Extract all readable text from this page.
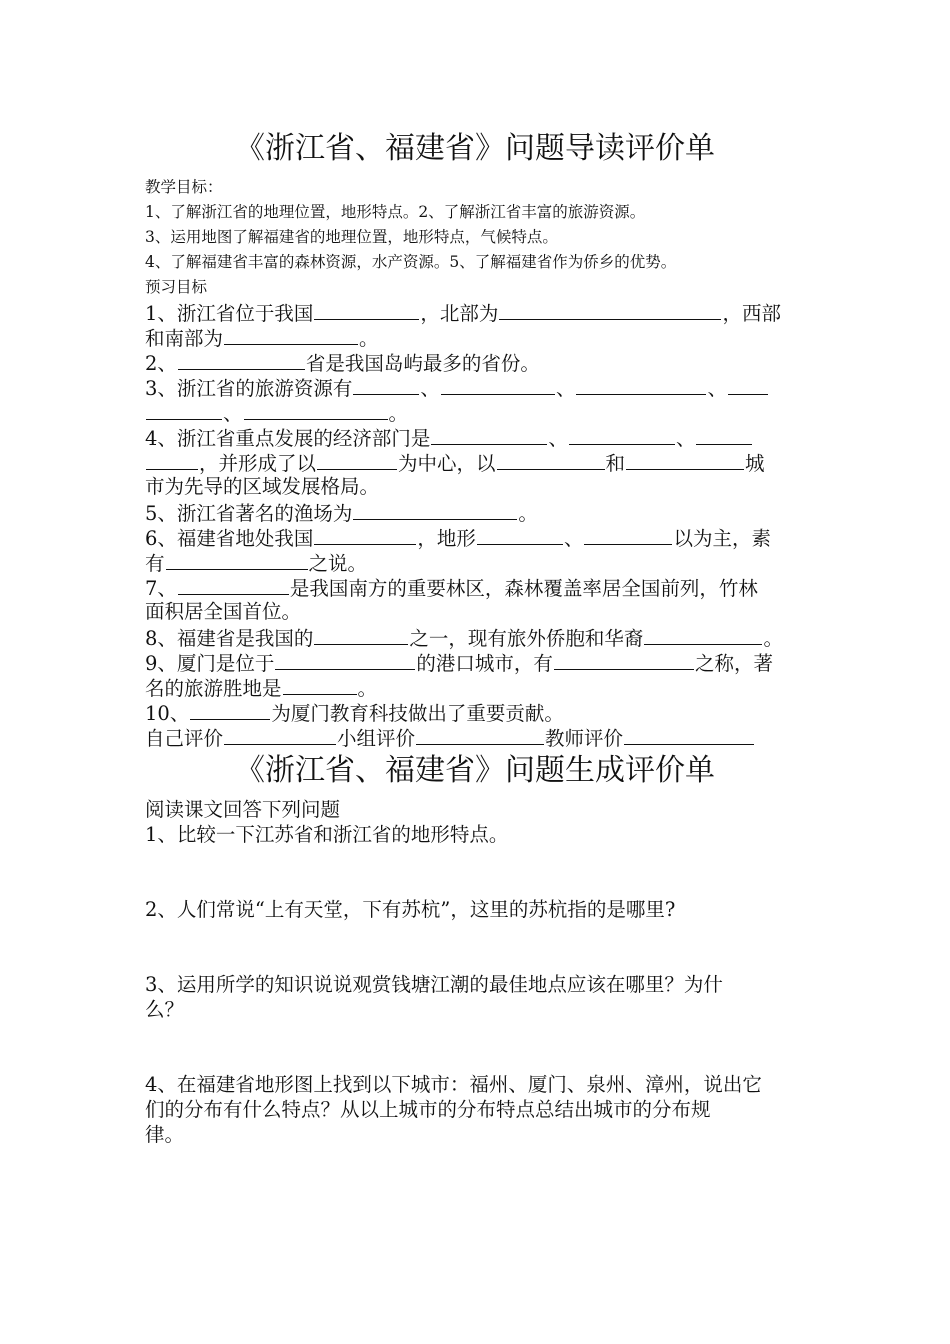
《浙江省、福建省》问题导读评价单
教学目标：
1、了解浙江省的地理位置，地形特点。2、了解浙江省丰富的旅游资源。
3、运用地图了解福建省的地理位置，地形特点，气候特点。
4、了解福建省丰富的森林资源，水产资源。5、了解福建省作为侨乡的优势。
预习目标
1、浙江省位于我国	，北部为	，西部
和南部为	。
2、	省是我国岛屿最多的省份。
3、浙江省的旅游资源有	、	、	、
、	。
4、浙江省重点发展的经济部门是	、	、
，并形成了以	为中心，以	和	城
市为先导的区域发展格局。
5、浙江省著名的渔场为	。
6、福建省地处我国	，地形	、	以为主，素
有	之说。
7、	是我国南方的重要林区，森林覆盖率居全国前列，竹林
面积居全国首位。
8、福建省是我国的	之一，现有旅外侨胞和华裔	。
9、厦门是位于	的港口城市，有	之称，著
名的旅游胜地是	。
10、	为厦门教育科技做出了重要贡献。
自己评价	小组评价	教师评价
《浙江省、福建省》问题生成评价单
阅读课文回答下列问题
1、比较一下江苏省和浙江省的地形特点。
2、人们常说“上有天堂，下有苏杭”，这里的苏杭指的是哪里?
3、运用所学的知识说说观赏钱塘江潮的最佳地点应该在哪里？为什
么？
4、在福建省地形图上找到以下城市：福州、厦门、泉州、漳州，说出它
们的分布有什么特点？从以上城市的分布特点总结出城市的分布规
律。
